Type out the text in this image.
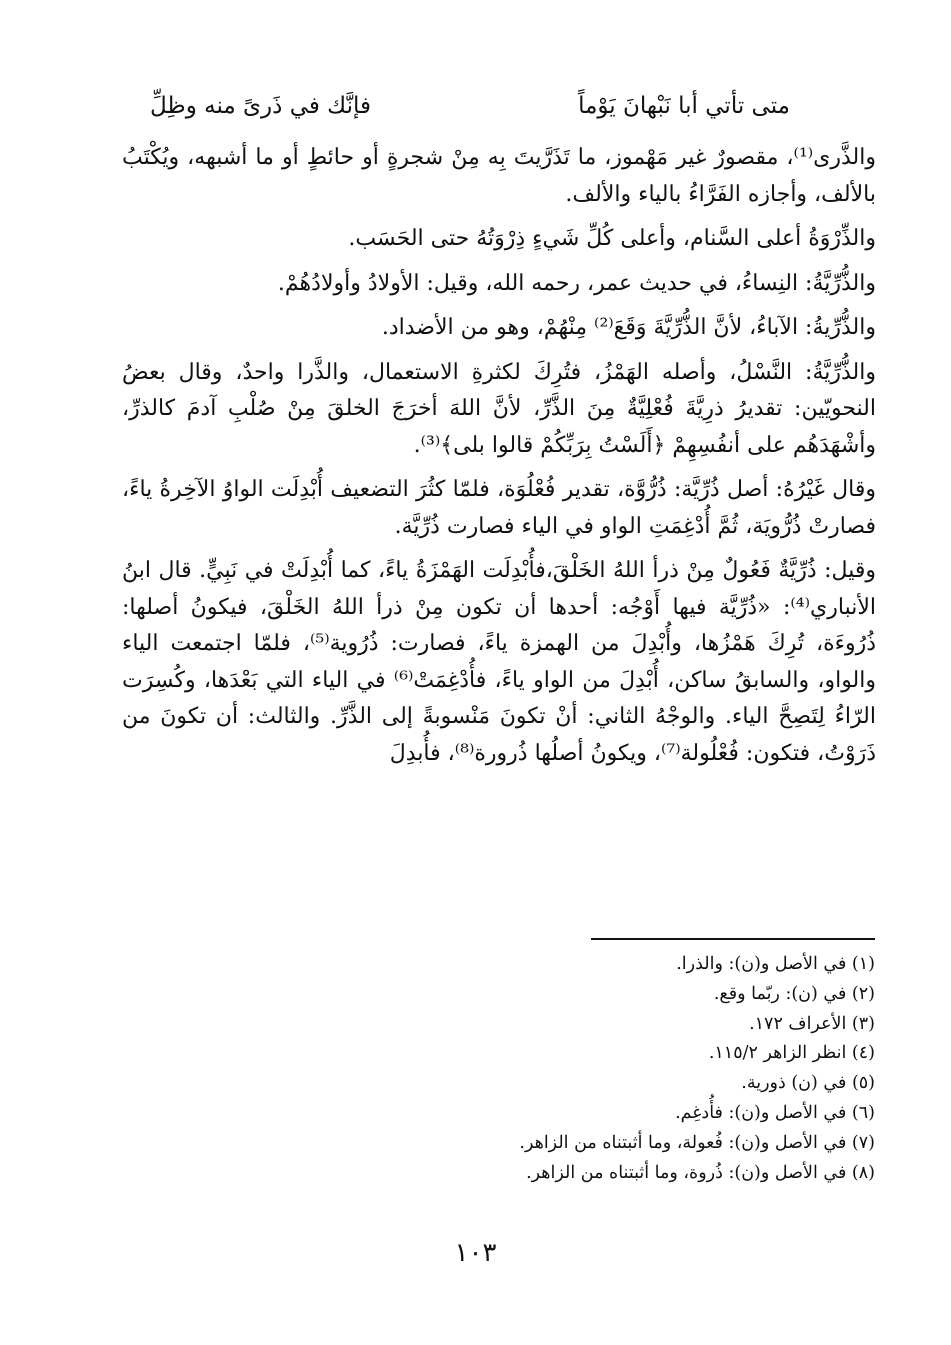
متى تأتي أبا نَبْهانَ يَوْماً
فإنَّك في ذَرىً منه وظِلِّ

والذَّرى⁽¹⁾، مقصورٌ غير مَهْموز، ما تَذَرَّيتَ بِه مِنْ شجرةٍ أو حائطٍ أو ما أشبهه، ويُكْتَبُ بالألف، وأجازه الفَرَّاءُ بالياء والألف.

والذِّرْوَةُ أعلى السَّنام، وأعلى كُلِّ شَيءٍ ذِرْوَتُهُ حتى الحَسَب.

والذُّرِّيَّةُ: النِساءُ، في حديث عمر، رحمه الله، وقيل: الأولادُ وأولادُهُمْ.

والذُّرِّيةُ: الآباءُ، لأنَّ الذُّرِّيَّةَ وَقَعَ⁽²⁾ مِنْهُمْ، وهو من الأضداد.

والذُّرِّيَّةُ: النَّسْلُ، وأصله الهَمْزُ، فتُرِكَ لكثرةِ الاستعمال، والذَّرا واحدٌ، وقال بعضُ النحويّين: تقديرُ ذرِيَّةَ فُعْلِيَّةٌ مِنَ الذَّرِّ، لأنَّ اللهَ أخرَجَ الخلقَ مِنْ صُلْبِ آدمَ كالذرِّ، وأشْهَدَهُم على أنفُسِهِمْ ﴿أَلَسْتُ بِرَبِّكُمْ قالوا بلى﴾⁽³⁾.

وقال غَيْرُهُ: أصل ذُرِّيَّة: ذُرُّوَّة، تقدير فُعْلُوَة، فلمّا كثُرَ التضعيف أُبْدِلَت الواوُ الآخِرةُ ياءً، فصارتْ ذُرُّويَة، ثُمَّ أُدْغِمَتِ الواو في الياء فصارت ذُرِّيَّة.

وقيل: ذُرِّيَّةٌ فَعُولٌ مِنْ ذرأ اللهُ الخَلْقَ،فأُبْدِلَت الهَمْزَةُ ياءً، كما أُبْدِلَتْ في نَبِيٍّ. قال ابنُ الأنباري⁽⁴⁾: «ذُرِّيَّة فيها أَوْجُه: أحدها أن تكون مِنْ ذرأ اللهُ الخَلْقَ، فيكونُ أصلها: ذُرُوءَة، تُرِكَ هَمْزُها، وأُبْدِلَ من الهمزة ياءً، فصارت: ذُرُوية⁽⁵⁾، فلمّا اجتمعت الياء والواو، والسابقُ ساكن، أُبْدِلَ من الواو ياءً، فأُدْغِمَتْ⁽⁶⁾ في الياء التي بَعْدَها، وكُسِرَت الرّاءُ لِتَصِحَّ الياء. والوجْهُ الثاني: أنْ تكونَ مَنْسوبةً إلى الذَّرِّ. والثالث: أن تكونَ من ذَرَوْتُ، فتكون: فُعْلُولة⁽⁷⁾، ويكونُ أصلُها ذُرورة⁽⁸⁾، فأُبدِلَ

(١) في الأصل و(ن): والذرا.
(٢) في (ن): ربّما وقع.
(٣) الأعراف ١٧٢.
(٤) انظر الزاهر ١١٥/٢.
(٥) في (ن) ذورية.
(٦) في الأصل و(ن): فأُدغِم.
(٧) في الأصل و(ن): فُعولة، وما أثبتناه من الزاهر.
(٨) في الأصل و(ن): ذُروة، وما أثبتناه من الزاهر.
١٠٣
